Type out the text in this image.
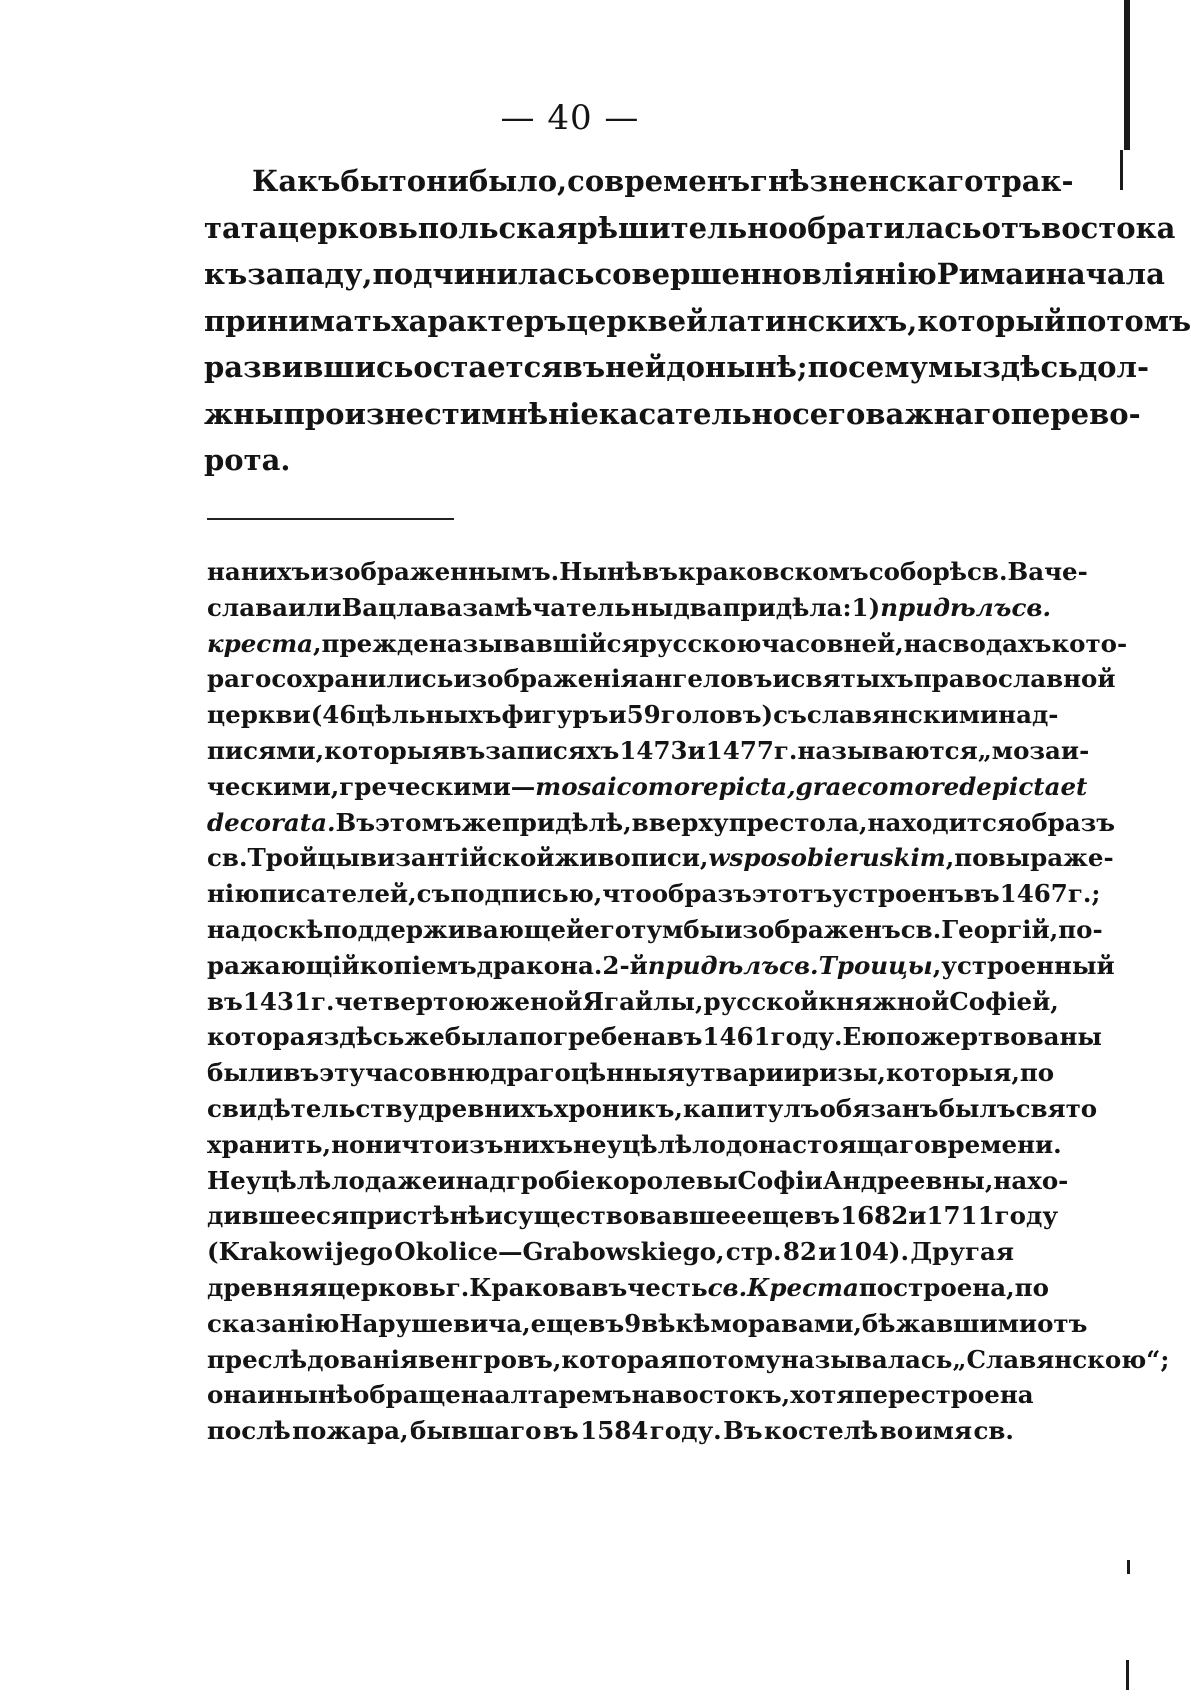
— 40 —
Какъ бы то ни было, со временъ гнѣзненскаго трак-
тата церковь польская рѣшительно обратилась отъ востока
къ западу, подчинилась совершенно влiянiю Рима и начала
принимать характеръ церквей латинскихъ, который потомъ
развившись остается въ ней донынѣ; посему мы здѣсь дол-
жны произнести мнѣнiе касательно сего важнаго перево-
рота.
на нихъ изображеннымъ. Нынѣ въ краковскомъ соборѣ св. Ваче-
слава или Вацлава замѣчательны два придѣла: 1) придѣлъ св.
креста, прежде называвшiйся русскою часовней, на сводахъ кото-
раго сохранились изображенiя ангеловъ и святыхъ православной
церкви (46 цѣльныхъ фигуръ и 59 головъ) съ славянскими над-
писями, которыя въ записяхъ 1473 и 1477 г. называются „мозаи-
ческими, греческими—mosaico more picta, graeco more depicta et
decorata. Въ этомъ же придѣлѣ, вверху престола, находится образъ
св. Тройцы византiйской живописи, w sposobie ruskim, по выраже-
нiю писателей, съ подписью, что образъ этотъ устроенъ въ 1467 г.;
на доскѣ поддерживающей его тумбы изображенъ св. Георгiй, по-
ражающiй копiемъ дракона. 2-й придѣлъ св. Троицы, устроенный
въ 1431 г. четвертою женой Ягайлы, русской княжной Софiей,
которая здѣсь же была погребена въ 1461 году. Ею пожертвованы
были въ эту часовню драгоцѣнныя утвари и ризы, которыя, по
свидѣтельству древнихъ хроникъ, капитулъ обязанъ былъ свято
хранить, но ничто изъ нихъ не уцѣлѣло до настоящаго времени.
Не уцѣлѣло даже и надгробiе королевы Софiи Андреевны, нахо-
дившееся при стѣнѣ и существовавшее еще въ 1682 и 1711 году
(Krakow i jego Okolice—Grabowskiego, стр. 82 и 104). Другая
древняя церковь г. Кракова въ честь св. Креста построена, по
сказанiю Нарушевича, еще въ 9 вѣкѣ моравами, бѣжавшими отъ
преслѣдованiя венгровъ, которая потому называлась „Славянскою“;
она и нынѣ обращена алтаремъ на востокъ, хотя перестроена
послѣ пожара, бывшаго въ 1584 году. Въ костелѣ во имя св.
